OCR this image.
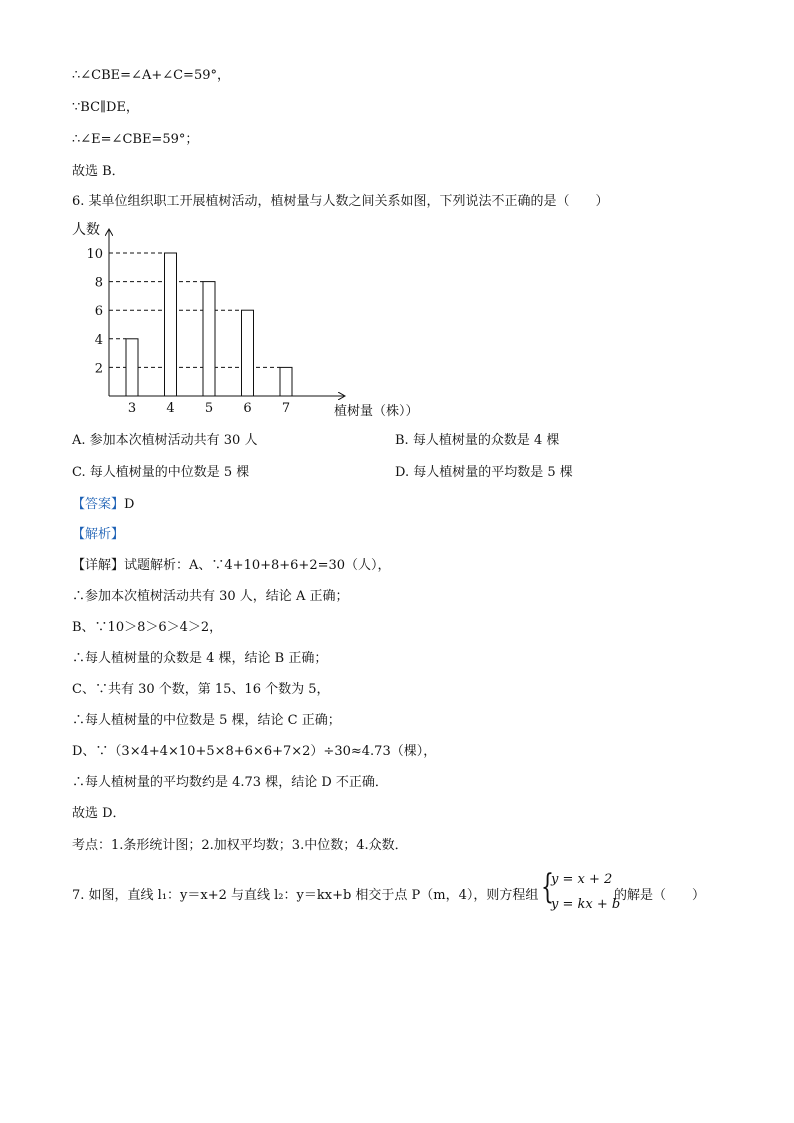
∴∠CBE=∠A+∠C=59°，
∵BC∥DE，
∴∠E=∠CBE=59°；
故选 B．
6. 某单位组织职工开展植树活动，植树量与人数之间关系如图，下列说法不正确的是（　　）
2
4
6
8
10
3 4 5 6 7
人数
植树量（株））
A. 参加本次植树活动共有 30 人	B. 每人植树量的众数是 4 棵
C. 每人植树量的中位数是 5 棵	D. 每人植树量的平均数是 5 棵
【答案】D
【解析】
【详解】试题解析：A、∵4+10+8+6+2=30（人），
∴参加本次植树活动共有 30 人，结论 A 正确；
B、∵10＞8＞6＞4＞2，
∴每人植树量的众数是 4 棵，结论 B 正确；
C、∵共有 30 个数，第 15、16 个数为 5，
∴每人植树量的中位数是 5 棵，结论 C 正确；
D、∵（3×4+4×10+5×8+6×6+7×2）÷30≈4.73（棵），
∴每人植树量的平均数约是 4.73 棵，结论 D 不正确．
故选 D．
考点：1.条形统计图；2.加权平均数；3.中位数；4.众数．
7. 如图，直线 l₁：y＝x+2 与直线 l₂：y＝kx+b 相交于点 P（m，4），则方程组 {
y = x + 2
y = kx + b
的解是（　　）
